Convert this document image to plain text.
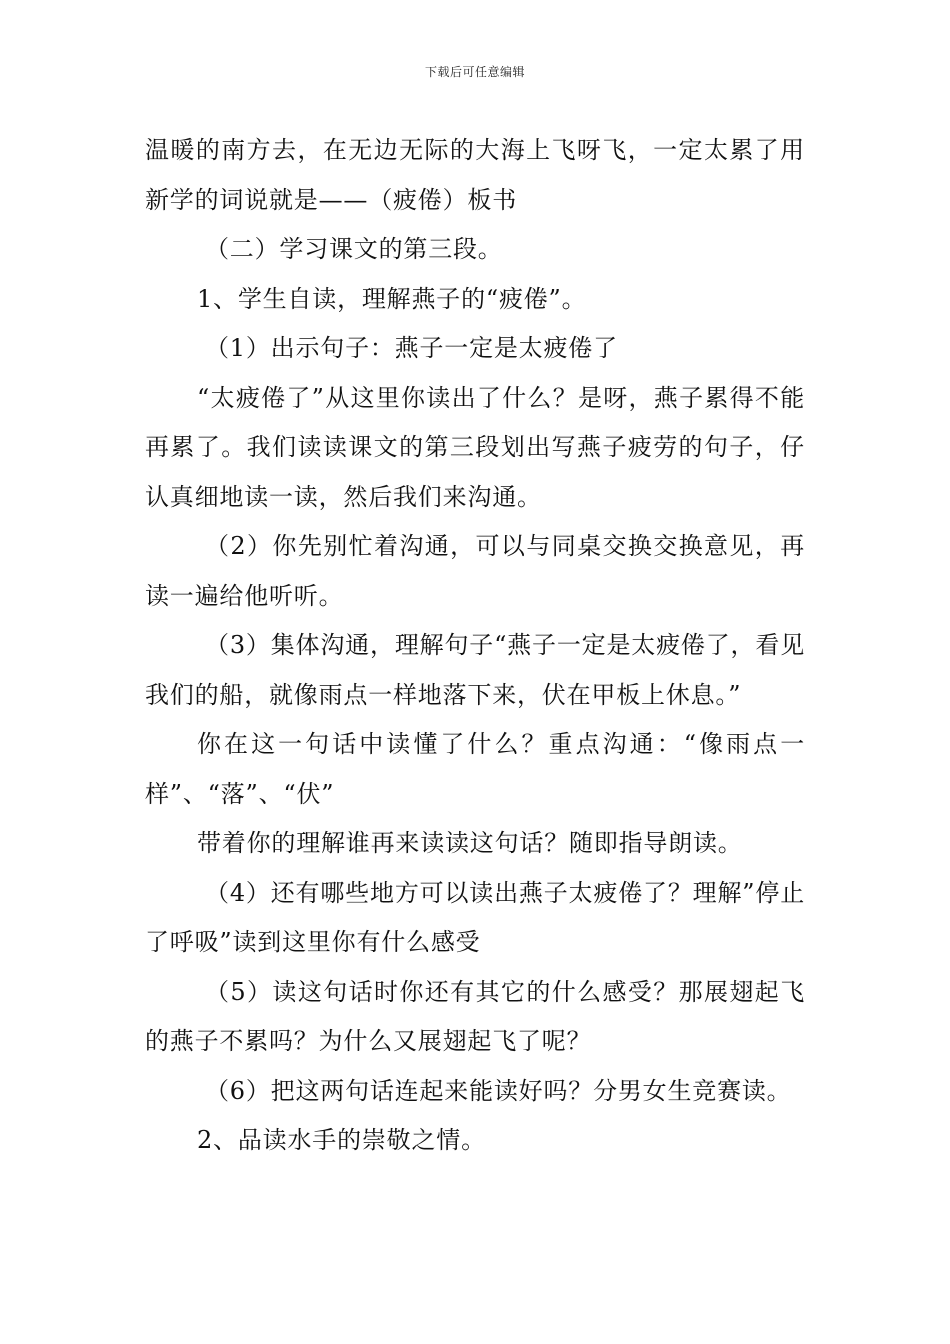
下载后可任意编辑

温暖的南方去，在无边无际的大海上飞呀飞，一定太累了用新学的词说就是——（疲倦）板书

（二）学习课文的第三段。

1、学生自读，理解燕子的“疲倦”。

（1）出示句子：燕子一定是太疲倦了

“太疲倦了”从这里你读出了什么？是呀，燕子累得不能再累了。我们读读课文的第三段划出写燕子疲劳的句子，仔认真细地读一读，然后我们来沟通。

（2）你先别忙着沟通，可以与同桌交换交换意见，再读一遍给他听听。

（3）集体沟通，理解句子“燕子一定是太疲倦了，看见我们的船，就像雨点一样地落下来，伏在甲板上休息。”

你在这一句话中读懂了什么？重点沟通：“像雨点一样”、“落”、“伏”

带着你的理解谁再来读读这句话？随即指导朗读。

（4）还有哪些地方可以读出燕子太疲倦了？理解”停止了呼吸”读到这里你有什么感受

（5）读这句话时你还有其它的什么感受？那展翅起飞的燕子不累吗？为什么又展翅起飞了呢？

（6）把这两句话连起来能读好吗？分男女生竞赛读。

2、品读水手的崇敬之情。
